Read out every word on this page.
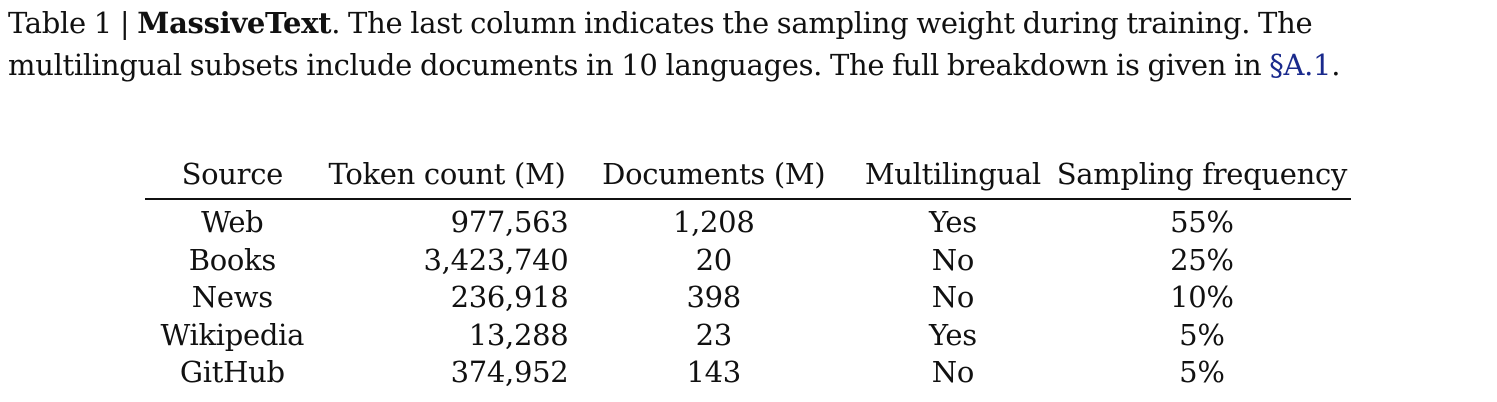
Table 1 | MassiveText. The last column indicates the sampling weight during training. The multilingual subsets include documents in 10 languages. The full breakdown is given in §A.1.
Source	Token count (M)	Documents (M)	Multilingual	Sampling frequency
Web	977,563	1,208	Yes	55%
Books	3,423,740	20	No	25%
News	236,918	398	No	10%
Wikipedia	13,288	23	Yes	5%
GitHub	374,952	143	No	5%
